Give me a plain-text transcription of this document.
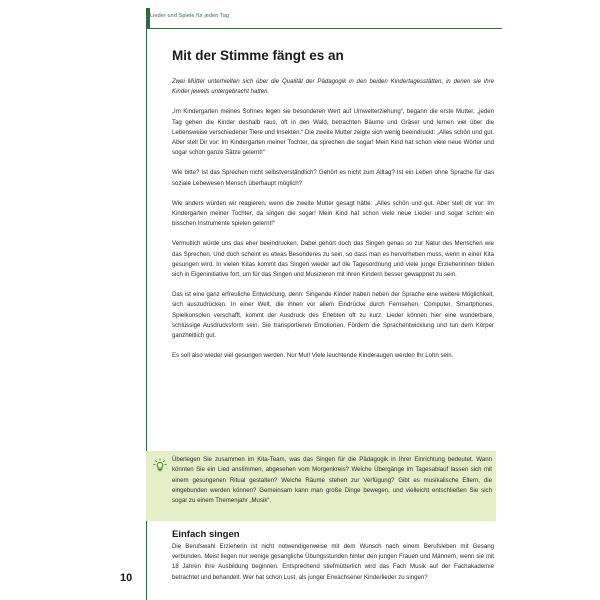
Lieder und Spiele für jeden Tag
Mit der Stimme fängt es an

Zwei Mütter unterhielten sich über die Qualität der Pädagogik in den beiden Kindertagesstätten, in denen sie ihre Kinder jeweils untergebracht hatten.

„Im Kindergarten meines Sohnes legen sie besonderen Wert auf Umwelterziehung“, begann die erste Mutter, „jeden Tag gehen die Kinder deshalb raus, oft in den Wald, betrachten Bäume und Gräser und lernen viel über die Lebensweise verschiedener Tiere und Insekten.“ Die zweite Mutter zeigte sich wenig beeindruckt: „Alles schön und gut. Aber stell Dir vor: Im Kindergarten meiner Tochter, da sprechen die sogar! Mein Kind hat schon viele neue Wörter und sogar schon ganze Sätze gelernt!“

Wie bitte? Ist das Sprechen nicht selbstverständlich? Gehört es nicht zum Alltag? Ist ein Leben ohne Sprache für das soziale Lebewesen Mensch überhaupt möglich?

Wie anders würden wir reagieren, wenn die zweite Mutter gesagt hätte: „Alles schön und gut. Aber stell dir vor: Im Kindergarten meiner Tochter, da singen die sogar! Mein Kind hat schon viele neue Lieder und sogar schon ein bisschen Instrumente spielen gelernt!“

Vermutlich würde uns das eher beeindrucken. Dabei gehört doch das Singen genau so zur Natur des Menschen wie das Sprechen. Und doch scheint es etwas Besonderes zu sein, so dass man es hervorheben muss, wenn in einer Kita gesungen wird. In vielen Kitas kommt das Singen wieder auf die Tagesordnung und viele junge Erzieherinnen bilden sich in Eigeninitiative fort, um für das Singen und Musizieren mit ihren Kindern besser gewappnet zu sein.

Das ist eine ganz erfreuliche Entwicklung, denn: Singende Kinder haben neben der Sprache eine weitere Möglichkeit, sich auszudrücken. In einer Welt, die ihnen vor allem Eindrücke durch Fernsehen, Computer, Smartphones, Spielkonsolen verschafft, kommt der Ausdruck des Erlebten oft zu kurz. Lieder können hier eine wunderbare, schlüssige Ausdrucksform sein. Sie transportieren Emotionen, Fördern die Sprachentwicklung und tun dem Körper ganzheitlich gut.

Es soll also wieder viel gesungen werden. Nur Mut! Viele leuchtende Kinderaugen werden Ihr Lohn sein.

Überlegen Sie zusammen im Kita-Team, was das Singen für die Pädagogik in Ihrer Einrichtung bedeutet. Wann könnten Sie ein Lied anstimmen, abgesehen vom Morgenkreis? Welche Übergänge im Tagesablauf lassen sich mit einem gesungenen Ritual gestalten? Welche Räume stehen zur Verfügung? Gibt es musikalische Eltern, die eingebunden werden können? Gemeinsam kann man große Dinge bewegen, und vielleicht entschließen Sie sich sogar zu einem Themenjahr „Musik“.

Einfach singen

Die Berufswahl Erzieherin ist nicht notwendigerweise mit dem Wunsch nach einem Berufsleben mit Gesang verbunden. Meist liegen nur wenige gesangliche Übungsstunden hinter den jungen Frauen und Männern, wenn sie mit 18 Jahren ihre Ausbildung beginnen. Entsprechend stiefmütterlich wird das Fach Musik auf der Fachakademie betrachtet und behandelt. Wer hat schon Lust, als junger Erwachsener Kinderlieder zu singen?

10
